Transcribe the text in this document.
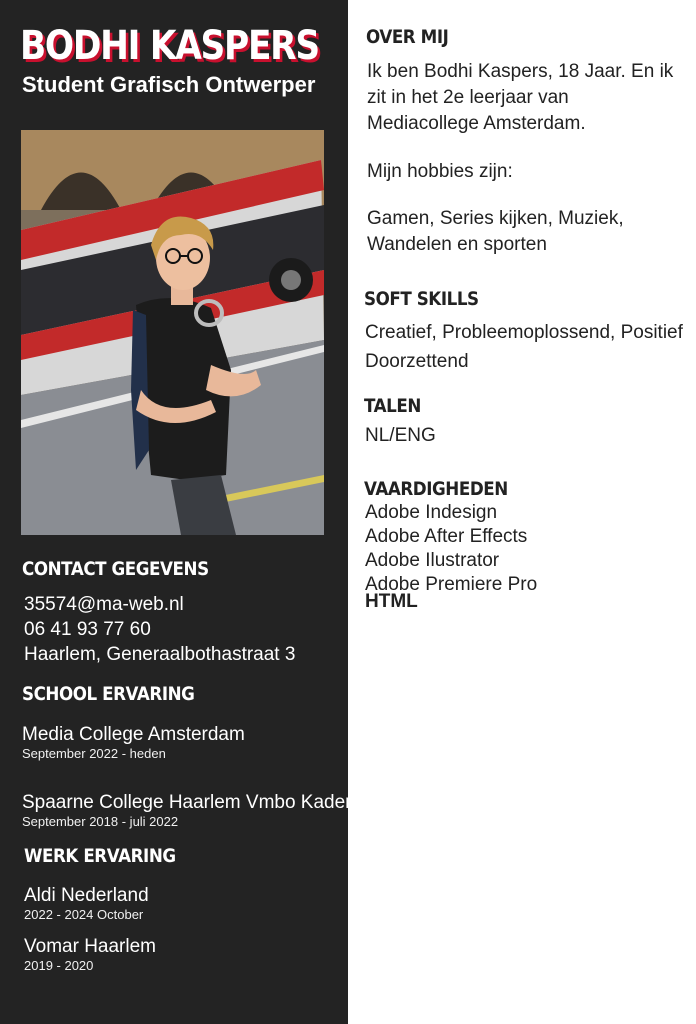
BODHI KASPERS
Student Grafisch Ontwerper
CONTACT GEGEVENS
35574@ma-web.nl
06 41 93 77 60
Haarlem, Generaalbothastraat 3
SCHOOL ERVARING
Media College Amsterdam
September 2022 - heden
Spaarne College Haarlem Vmbo Kader
September 2018 - juli 2022
WERK ERVARING
Aldi Nederland
2022 - 2024 October
Vomar Haarlem
2019 - 2020
OVER MIJ
Ik ben Bodhi Kaspers, 18 Jaar. En ik
zit in het 2e leerjaar van
Mediacollege Amsterdam.
Mijn hobbies zijn:
Gamen, Series kijken, Muziek,
Wandelen en sporten
SOFT SKILLS
Creatief, Probleemoplossend, Positief
Doorzettend
TALEN
NL/ENG
VAARDIGHEDEN
Adobe Indesign
Adobe After Effects
Adobe Ilustrator
Adobe Premiere Pro
HTML
